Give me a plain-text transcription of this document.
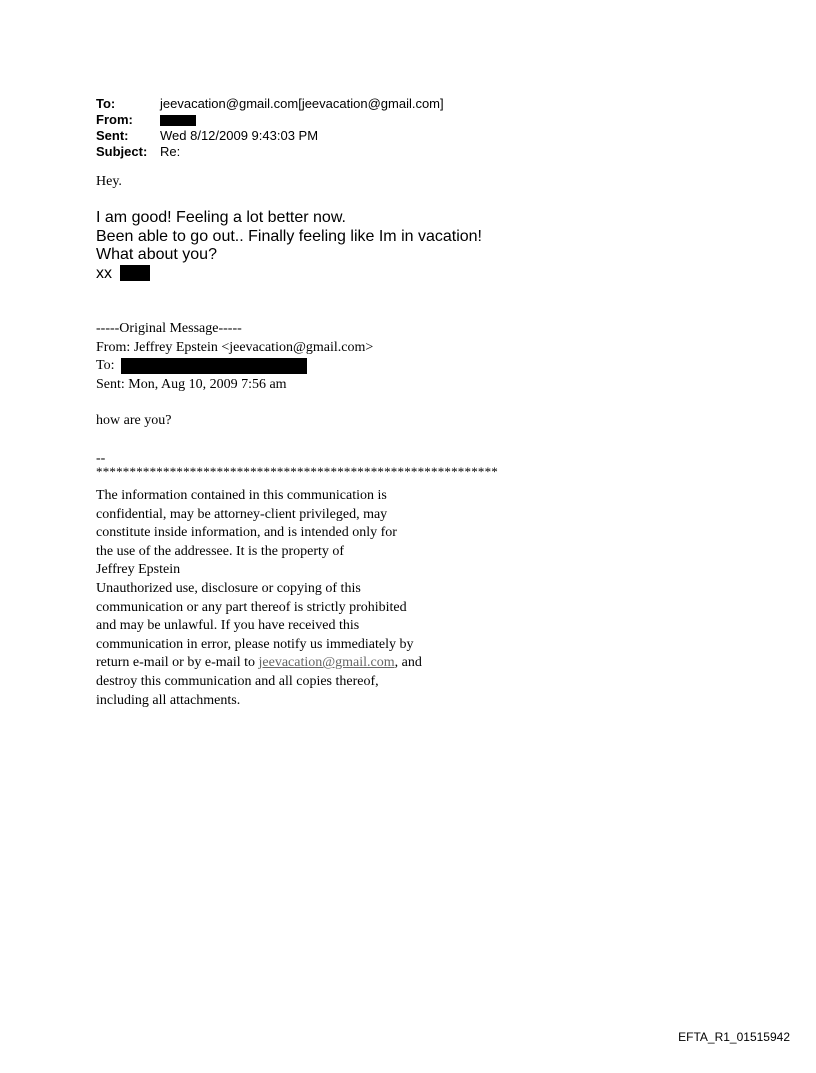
To:	jeevacation@gmail.com[jeevacation@gmail.com]
From:
Sent:	Wed 8/12/2009 9:43:03 PM
Subject: Re:
Hey.
I am good! Feeling a lot better now.
Been able to go out.. Finally feeling like Im in vacation!
What about you?
xx
-----Original Message-----
From: Jeffrey Epstein <jeevacation@gmail.com>
To:
Sent: Mon, Aug 10, 2009 7:56 am
how are you?
--
************************************************************
The information contained in this communication is
confidential, may be attorney-client privileged, may
constitute inside information, and is intended only for
the use of the addressee. It is the property of
Jeffrey Epstein
Unauthorized use, disclosure or copying of this
communication or any part thereof is strictly prohibited
and may be unlawful. If you have received this
communication in error, please notify us immediately by
return e-mail or by e-mail to jeevacation@gmail.com, and
destroy this communication and all copies thereof,
including all attachments.
EFTA_R1_01515942
